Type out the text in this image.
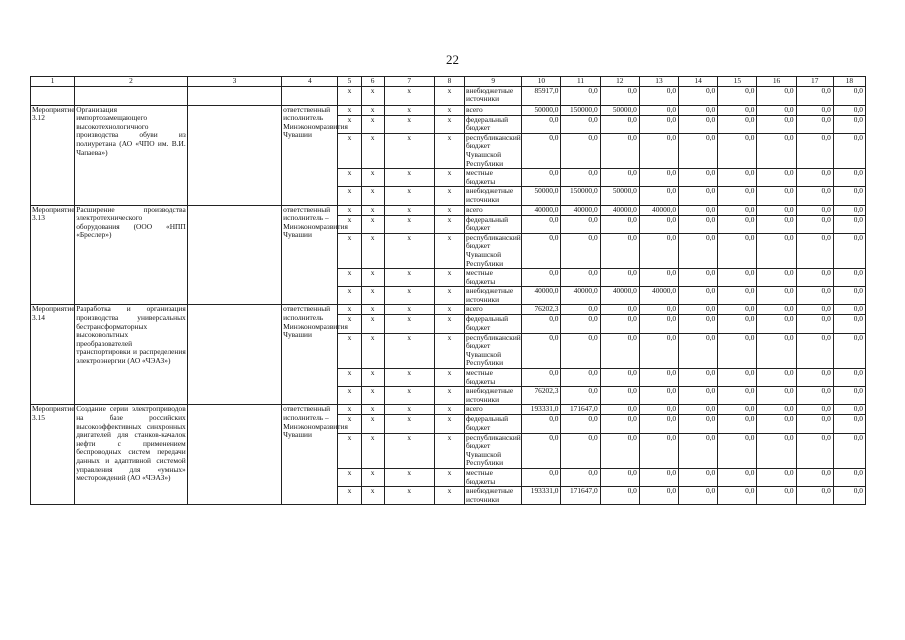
22
1	2	3	4	5	6	7	8	9	10	11	12	13	14	15	16	17	18
				x	x	x	x	внебюджетные источники	85917,0	0,0	0,0	0,0	0,0	0,0	0,0	0,0	0,0
Мероприятие 3.12	Организация импортозамещающего высокотехнологичного производства обуви из полиуретана (АО «ЧПО им. В.И. Чапаева»)		ответственный исполнитель Минэкономразвития Чувашии	x	x	x	x	всего	50000,0	150000,0	50000,0	0,0	0,0	0,0	0,0	0,0	0,0
				x	x	x	x	федеральный бюджет	0,0	0,0	0,0	0,0	0,0	0,0	0,0	0,0	0,0
				x	x	x	x	республиканский бюджет Чувашской Республики	0,0	0,0	0,0	0,0	0,0	0,0	0,0	0,0	0,0
				x	x	x	x	местные бюджеты	0,0	0,0	0,0	0,0	0,0	0,0	0,0	0,0	0,0
				x	x	x	x	внебюджетные источники	50000,0	150000,0	50000,0	0,0	0,0	0,0	0,0	0,0	0,0
Мероприятие 3.13	Расширение производства электротехнического оборудования (ООО «НПП «Бреслер»)		ответственный исполнитель – Минэкономразвития Чувашии	x	x	x	x	всего	40000,0	40000,0	40000,0	40000,0	0,0	0,0	0,0	0,0	0,0
				x	x	x	x	федеральный бюджет	0,0	0,0	0,0	0,0	0,0	0,0	0,0	0,0	0,0
				x	x	x	x	республиканский бюджет Чувашской Республики	0,0	0,0	0,0	0,0	0,0	0,0	0,0	0,0	0,0
				x	x	x	x	местные бюджеты	0,0	0,0	0,0	0,0	0,0	0,0	0,0	0,0	0,0
				x	x	x	x	внебюджетные источники	40000,0	40000,0	40000,0	40000,0	0,0	0,0	0,0	0,0	0,0
Мероприятие 3.14	Разработка и организация производства универсальных бестрансформаторных высоковольтных преобразователей транспортировки и распределения электроэнергии (АО «ЧЭАЗ»)		ответственный исполнитель Минэкономразвития Чувашии	x	x	x	x	всего	76202,3	0,0	0,0	0,0	0,0	0,0	0,0	0,0	0,0
				x	x	x	x	федеральный бюджет	0,0	0,0	0,0	0,0	0,0	0,0	0,0	0,0	0,0
				x	x	x	x	республиканский бюджет Чувашской Республики	0,0	0,0	0,0	0,0	0,0	0,0	0,0	0,0	0,0
				x	x	x	x	местные бюджеты	0,0	0,0	0,0	0,0	0,0	0,0	0,0	0,0	0,0
				x	x	x	x	внебюджетные источники	76202,3	0,0	0,0	0,0	0,0	0,0	0,0	0,0	0,0
Мероприятие 3.15	Создание серии электроприводов на базе российских высокоэффективных синхронных двигателей для станков-качалок нефти с применением беспроводных систем передачи данных и адаптивной системой управления для «умных» месторождений (АО «ЧЭАЗ»)		ответственный исполнитель – Минэкономразвития Чувашии	x	x	x	x	всего	193331,0	171647,0	0,0	0,0	0,0	0,0	0,0	0,0	0,0
				x	x	x	x	федеральный бюджет	0,0	0,0	0,0	0,0	0,0	0,0	0,0	0,0	0,0
				x	x	x	x	республиканский бюджет Чувашской Республики	0,0	0,0	0,0	0,0	0,0	0,0	0,0	0,0	0,0
				x	x	x	x	местные бюджеты	0,0	0,0	0,0	0,0	0,0	0,0	0,0	0,0	0,0
				x	x	x	x	внебюджетные источники	193331,0	171647,0	0,0	0,0	0,0	0,0	0,0	0,0	0,0
